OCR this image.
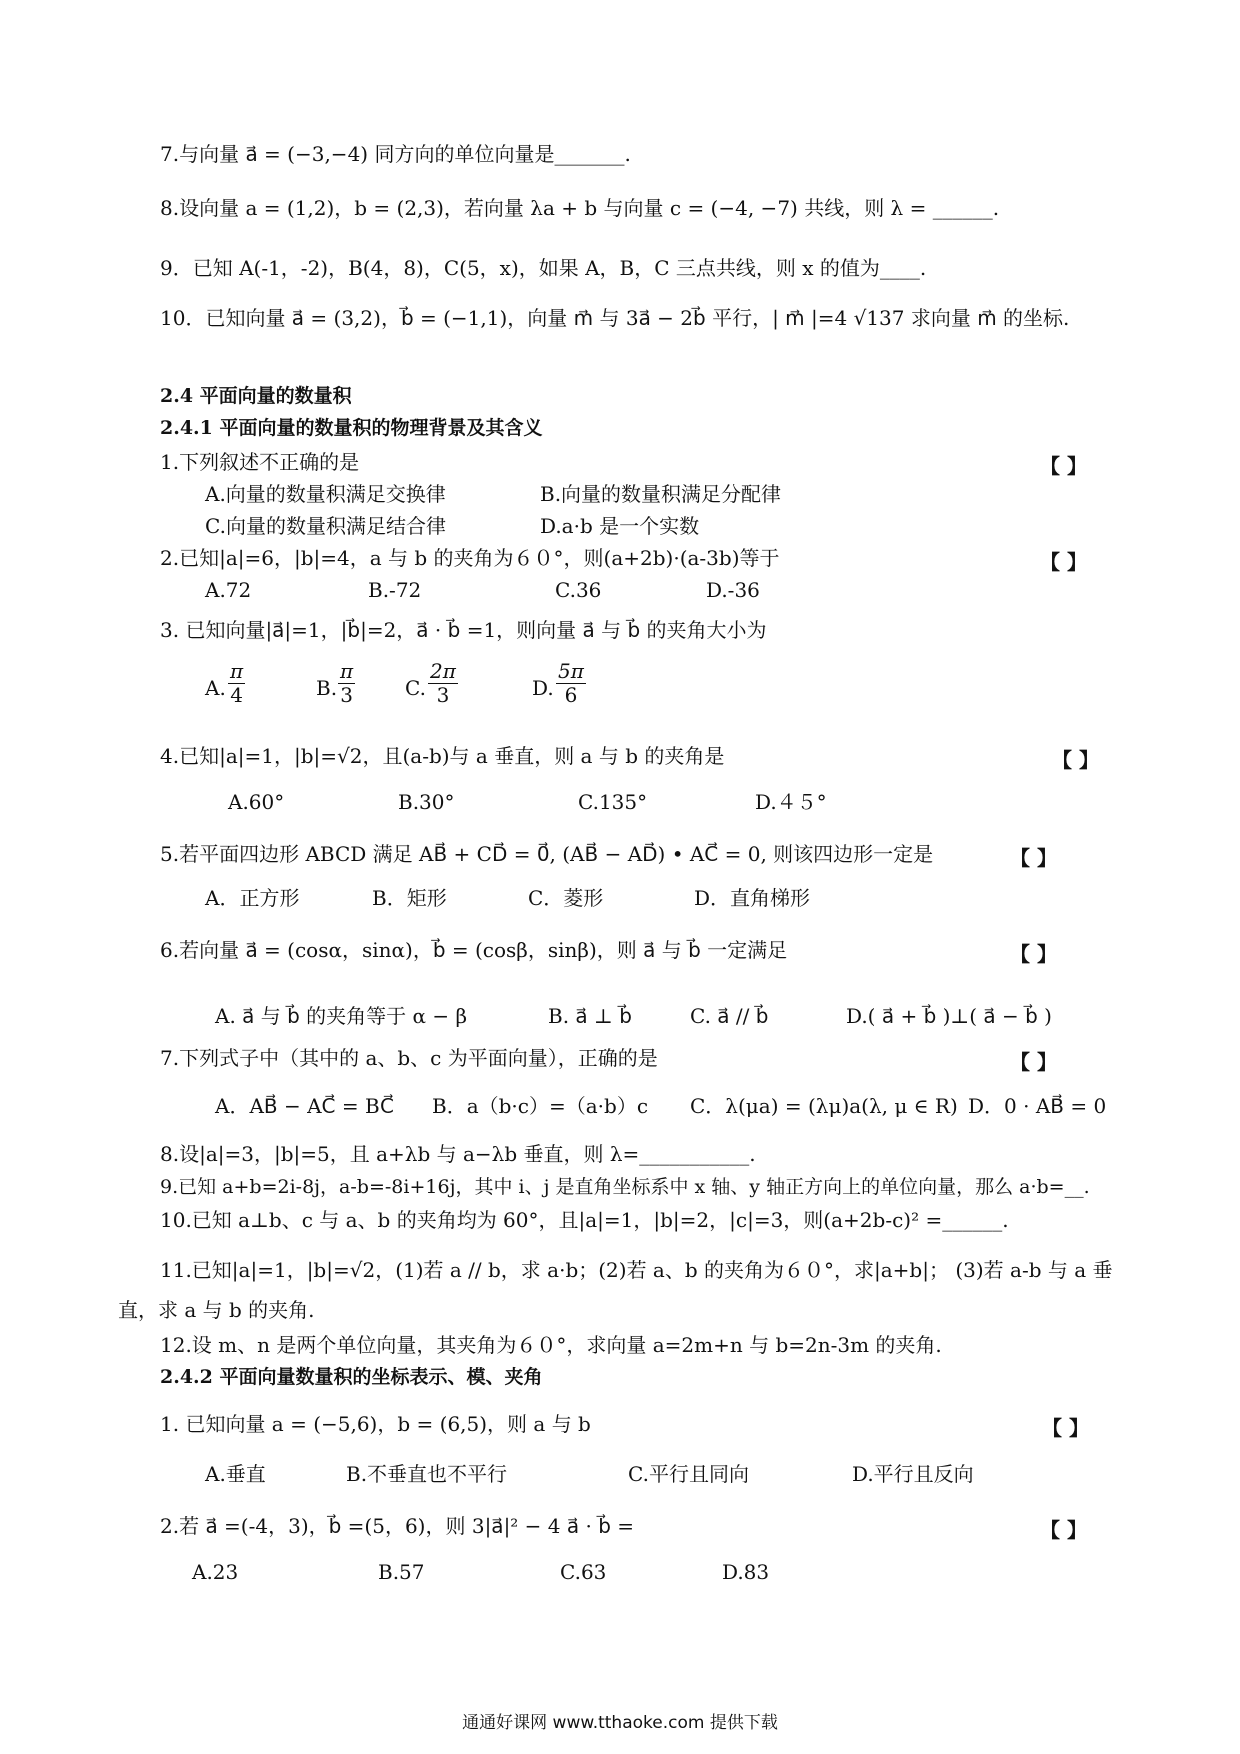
7.与向量 a⃗ = (−3,−4) 同方向的单位向量是_______.
8.设向量 a = (1,2)，b = (2,3)，若向量 λa + b 与向量 c = (−4, −7) 共线，则 λ = ______.
9．已知 A(-1，-2)，B(4，8)，C(5，x)，如果 A，B，C 三点共线，则 x 的值为____.
10．已知向量 a⃗ = (3,2)，b⃗ = (−1,1)，向量 m⃗ 与 3a⃗ − 2b⃗ 平行，| m⃗ |=4 √137 求向量 m⃗ 的坐标.
2.4 平面向量的数量积
2.4.1 平面向量的数量积的物理背景及其含义
1.下列叙述不正确的是	【 】
A.向量的数量积满足交换律	B.向量的数量积满足分配律
C.向量的数量积满足结合律	D.a·b 是一个实数
2.已知|a|=6，|b|=4，a 与 b 的夹角为６０°，则(a+2b)·(a-3b)等于	【 】
A.72	B.-72	C.36	D.-36
3. 已知向量|a⃗|=1，|b⃗|=2，a⃗ · b⃗ =1，则向量 a⃗ 与 b⃗ 的夹角大小为
A. $\frac{\pi}{4}$	B. $\frac{\pi}{3} C$. $\frac{2\pi}{3}$	D. $\frac{5\pi}{6}$
4.已知|a|=1，|b|=√2，且(a-b)与 a 垂直，则 a 与 b 的夹角是	【 】
A.60°	B.30°	C.135°	D.４５°
5.若平面四边形 ABCD 满足 AB⃗ + CD⃗ = 0⃗, (AB⃗ − AD⃗) • AC⃗ = 0, 则该四边形一定是	【 】
A．正方形	B．矩形	C．菱形	D．直角梯形
6.若向量 a⃗ = (cosα，sinα)，b⃗ = (cosβ，sinβ)，则 a⃗ 与 b⃗ 一定满足	【 】
A. a⃗ 与 b⃗ 的夹角等于 α − β	B. a⃗ ⊥ b⃗	C. a⃗ // b⃗	D.( a⃗ + b⃗ )⊥( a⃗ − b⃗ )
7.下列式子中（其中的 a、b、c 为平面向量），正确的是	【 】
A．AB⃗ − AC⃗ = BC⃗ B．a（b·c）=（a·b）c C．λ(μa) = (λμ)a(λ, μ ∈ R) D．0 · AB⃗ = 0
8.设|a|=3，|b|=5，且 a+λb 与 a−λb 垂直，则 λ=___________.
9.已知 a+b=2i-8j，a-b=-8i+16j，其中 i、j 是直角坐标系中 x 轴、y 轴正方向上的单位向量，那么 a·b=__.
10.已知 a⊥b、c 与 a、b 的夹角均为 60°，且|a|=1，|b|=2，|c|=3，则(a+2b-c)² =______.
11.已知|a|=1，|b|=√2，(1)若 a // b，求 a·b；(2)若 a、b 的夹角为６０°，求|a+b|； (3)若 a-b 与 a 垂
直，求 a 与 b 的夹角.
12.设 m、n 是两个单位向量，其夹角为６０°，求向量 a=2m+n 与 b=2n-3m 的夹角.
2.4.2 平面向量数量积的坐标表示、模、夹角
1. 已知向量 a = (−5,6)，b = (6,5)，则 a 与 b	【 】
A.垂直	B.不垂直也不平行	C.平行且同向	D.平行且反向
2.若 a⃗ =(-4，3)，b⃗ =(5，6)，则 3|a⃗|² − 4 a⃗ · b⃗ =	【 】
A.23	B.57	C.63	D.83
通通好课网 www.tthaoke.com 提供下载
